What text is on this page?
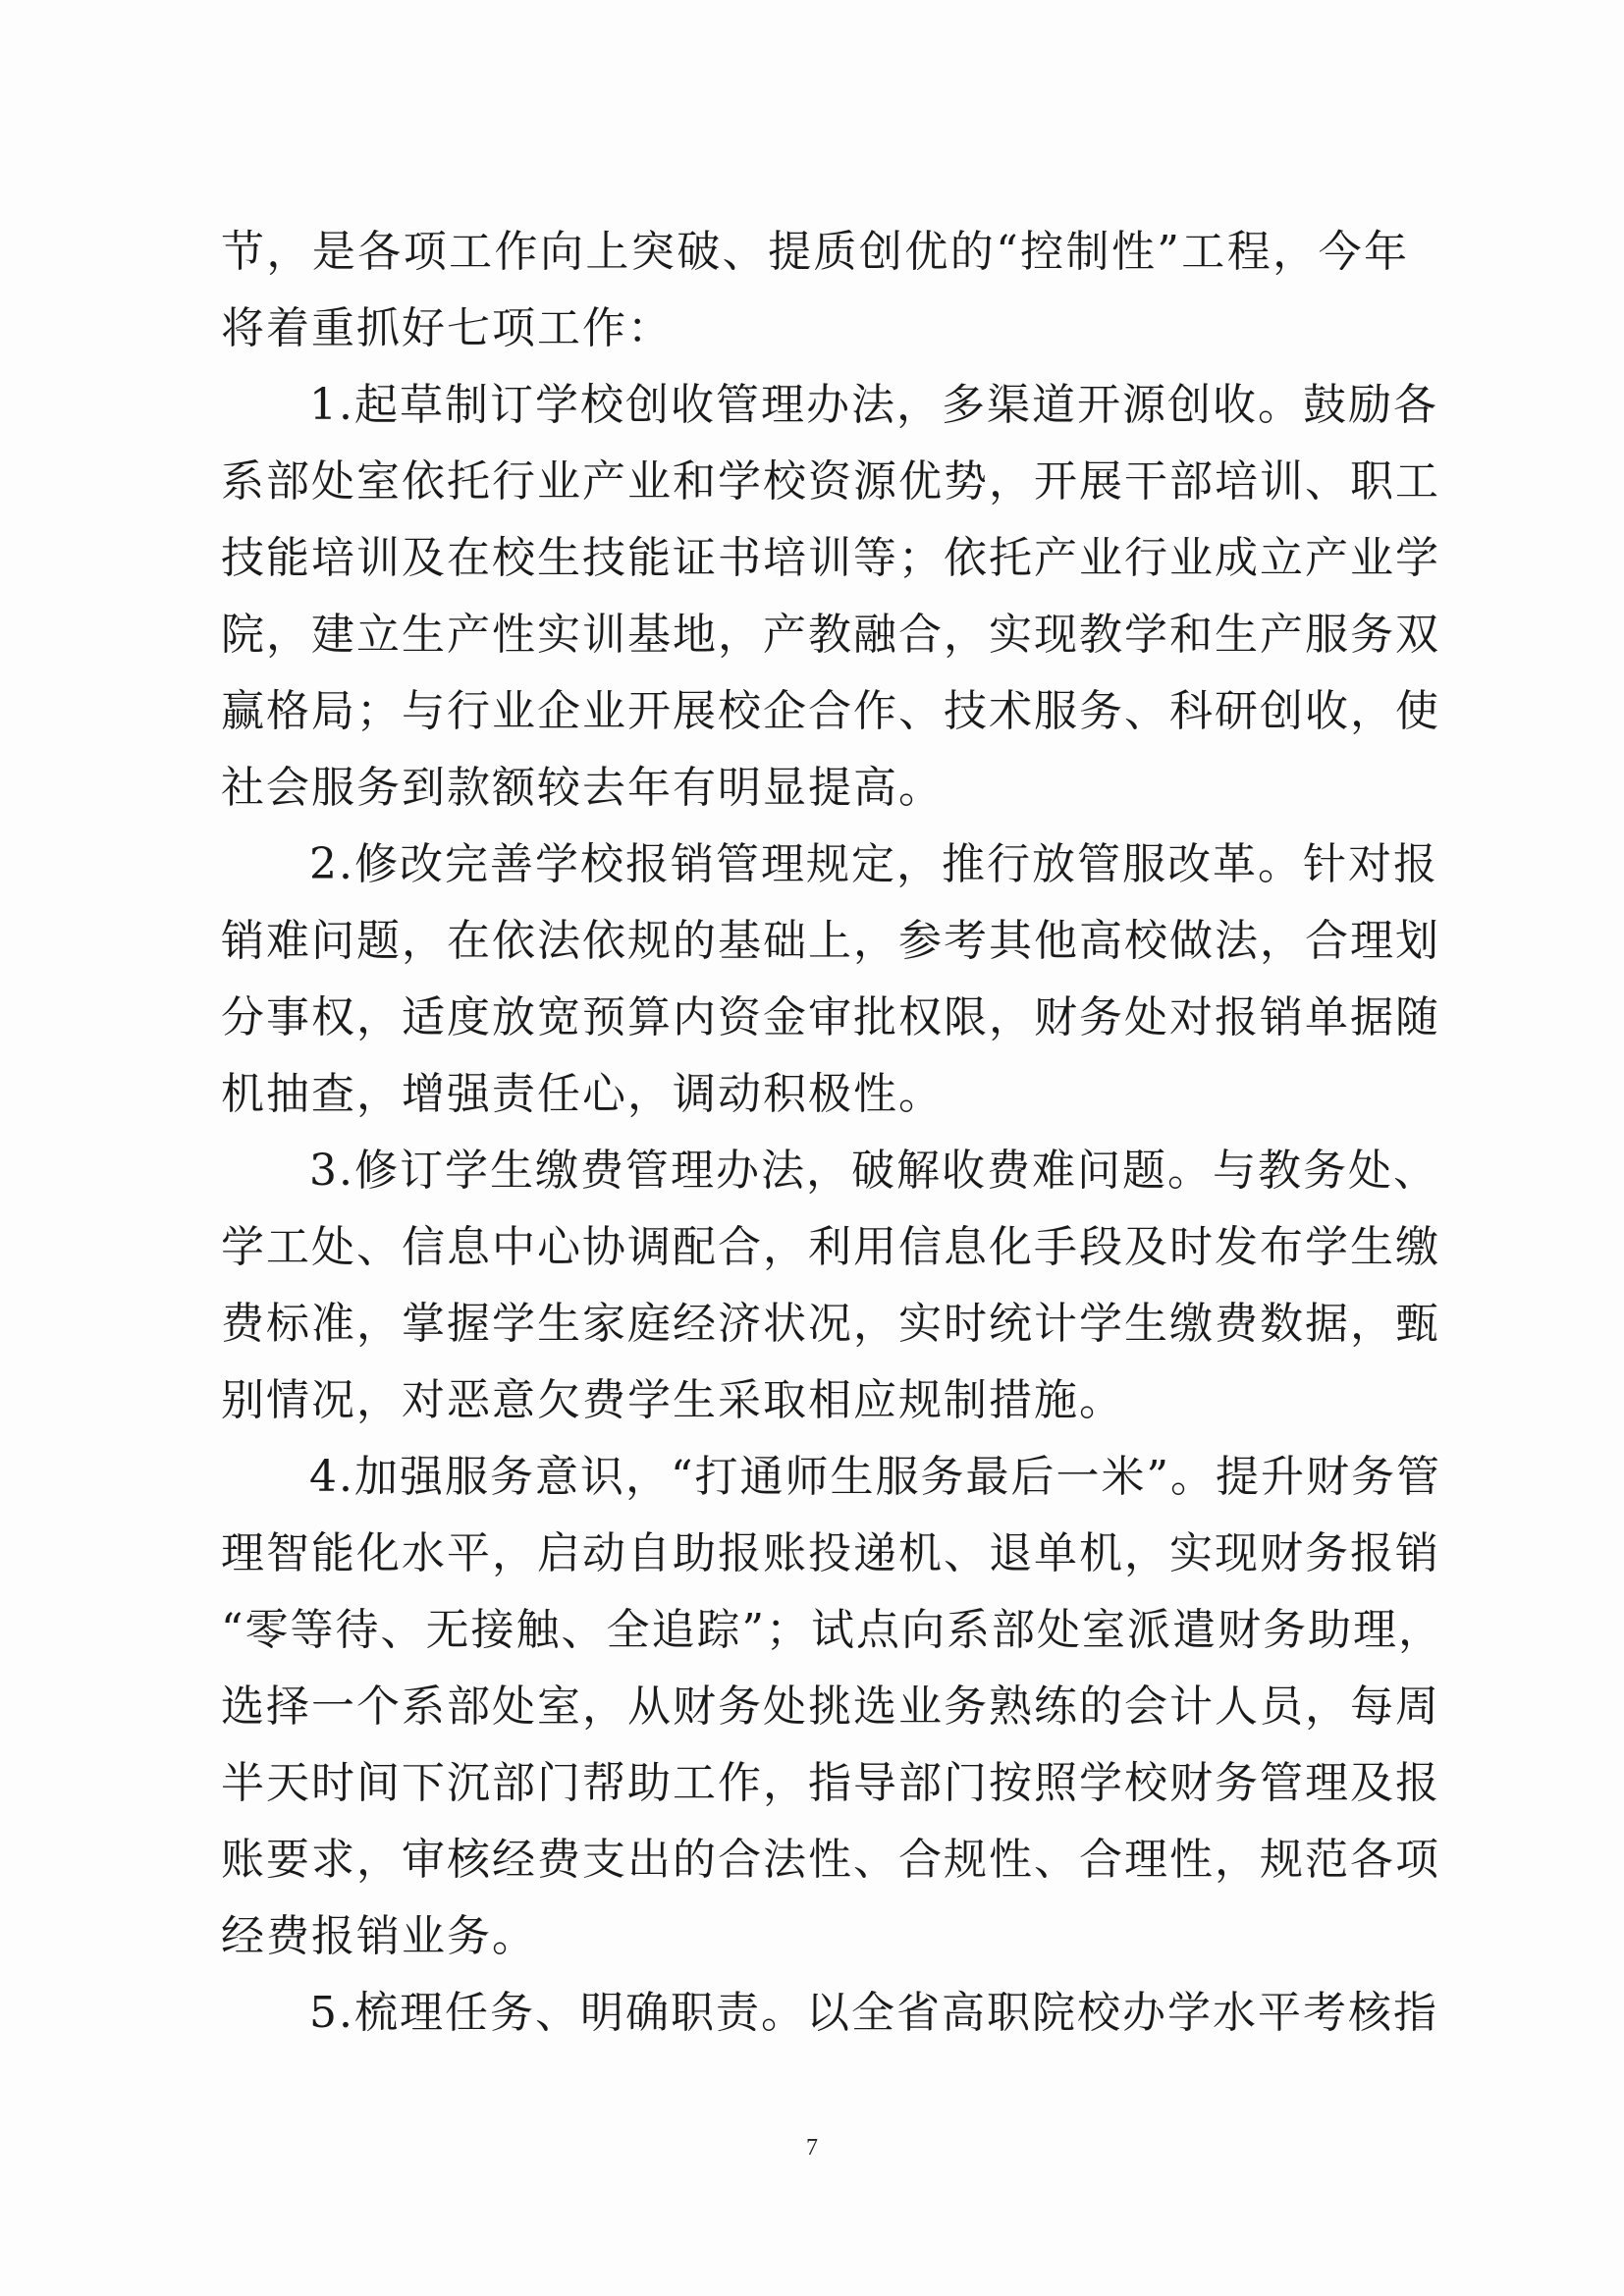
节，是各项工作向上突破、提质创优的“控制性”工程，今年
将着重抓好七项工作：
1.起草制订学校创收管理办法，多渠道开源创收。鼓励各
系部处室依托行业产业和学校资源优势，开展干部培训、职工
技能培训及在校生技能证书培训等；依托产业行业成立产业学
院，建立生产性实训基地，产教融合，实现教学和生产服务双
赢格局；与行业企业开展校企合作、技术服务、科研创收，使
社会服务到款额较去年有明显提高。
2.修改完善学校报销管理规定，推行放管服改革。针对报
销难问题，在依法依规的基础上，参考其他高校做法，合理划
分事权，适度放宽预算内资金审批权限，财务处对报销单据随
机抽查，增强责任心，调动积极性。
3.修订学生缴费管理办法，破解收费难问题。与教务处、
学工处、信息中心协调配合，利用信息化手段及时发布学生缴
费标准，掌握学生家庭经济状况，实时统计学生缴费数据，甄
别情况，对恶意欠费学生采取相应规制措施。
4.加强服务意识，“打通师生服务最后一米”。提升财务管
理智能化水平，启动自助报账投递机、退单机，实现财务报销
“零等待、无接触、全追踪”；试点向系部处室派遣财务助理，
选择一个系部处室，从财务处挑选业务熟练的会计人员，每周
半天时间下沉部门帮助工作，指导部门按照学校财务管理及报
账要求，审核经费支出的合法性、合规性、合理性，规范各项
经费报销业务。
5.梳理任务、明确职责。以全省高职院校办学水平考核指
7
